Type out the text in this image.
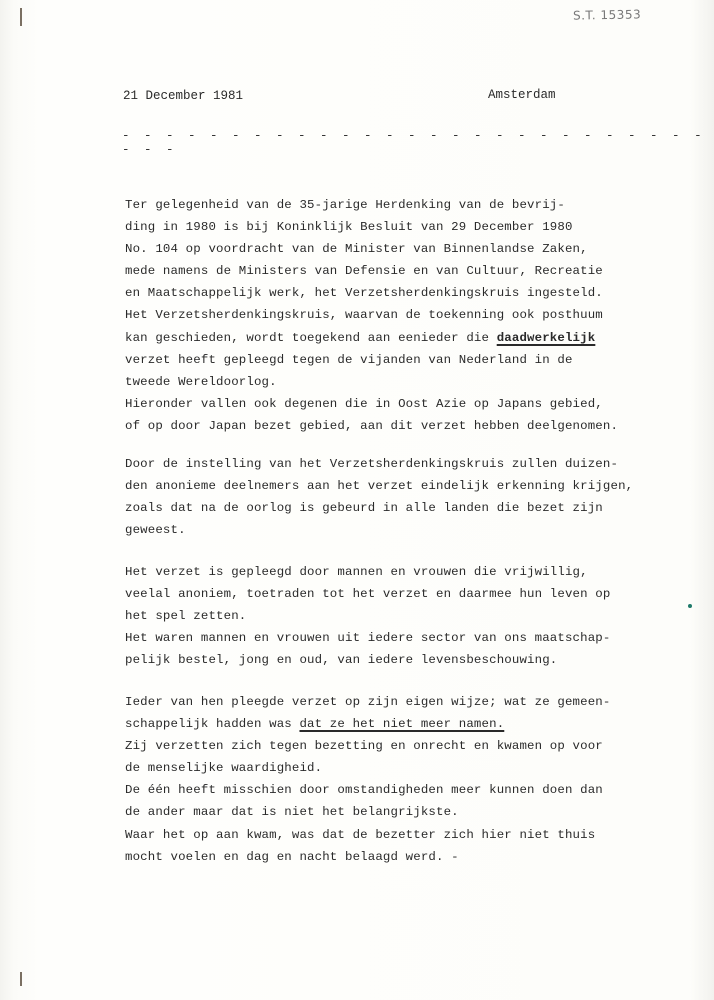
S.T. 15353
21 December 1981	Amsterdam
- - - - - - - - - - - - - - - - - - - - - - - - - - - - - -
Ter gelegenheid van de 35-jarige Herdenking van de bevrij-
ding in 1980 is bij Koninklijk Besluit van 29 December 1980
No. 104 op voordracht van de Minister van Binnenlandse Zaken,
mede namens de Ministers van Defensie en van Cultuur, Recreatie
en Maatschappelijk werk, het Verzetsherdenkingskruis ingesteld.
Het Verzetsherdenkingskruis, waarvan de toekenning ook posthuum
kan geschieden, wordt toegekend aan eenieder die daadwerkelijk
verzet heeft gepleegd tegen de vijanden van Nederland in de
tweede Wereldoorlog.
Hieronder vallen ook degenen die in Oost Azie op Japans gebied,
of op door Japan bezet gebied, aan dit verzet hebben deelgenomen.
Door de instelling van het Verzetsherdenkingskruis zullen duizen-
den anonieme deelnemers aan het verzet eindelijk erkenning krijgen,
zoals dat na de oorlog is gebeurd in alle landen die bezet zijn
geweest.
Het verzet is gepleegd door mannen en vrouwen die vrijwillig,
veelal anoniem, toetraden tot het verzet en daarmee hun leven op
het spel zetten.
Het waren mannen en vrouwen uit iedere sector van ons maatschap-
pelijk bestel, jong en oud, van iedere levensbeschouwing.
Ieder van hen pleegde verzet op zijn eigen wijze; wat ze gemeen-
schappelijk hadden was dat ze het niet meer namen.
Zij verzetten zich tegen bezetting en onrecht en kwamen op voor
de menselijke waardigheid.
De één heeft misschien door omstandigheden meer kunnen doen dan
de ander maar dat is niet het belangrijkste.
Waar het op aan kwam, was dat de bezetter zich hier niet thuis
mocht voelen en dag en nacht belaagd werd. -
